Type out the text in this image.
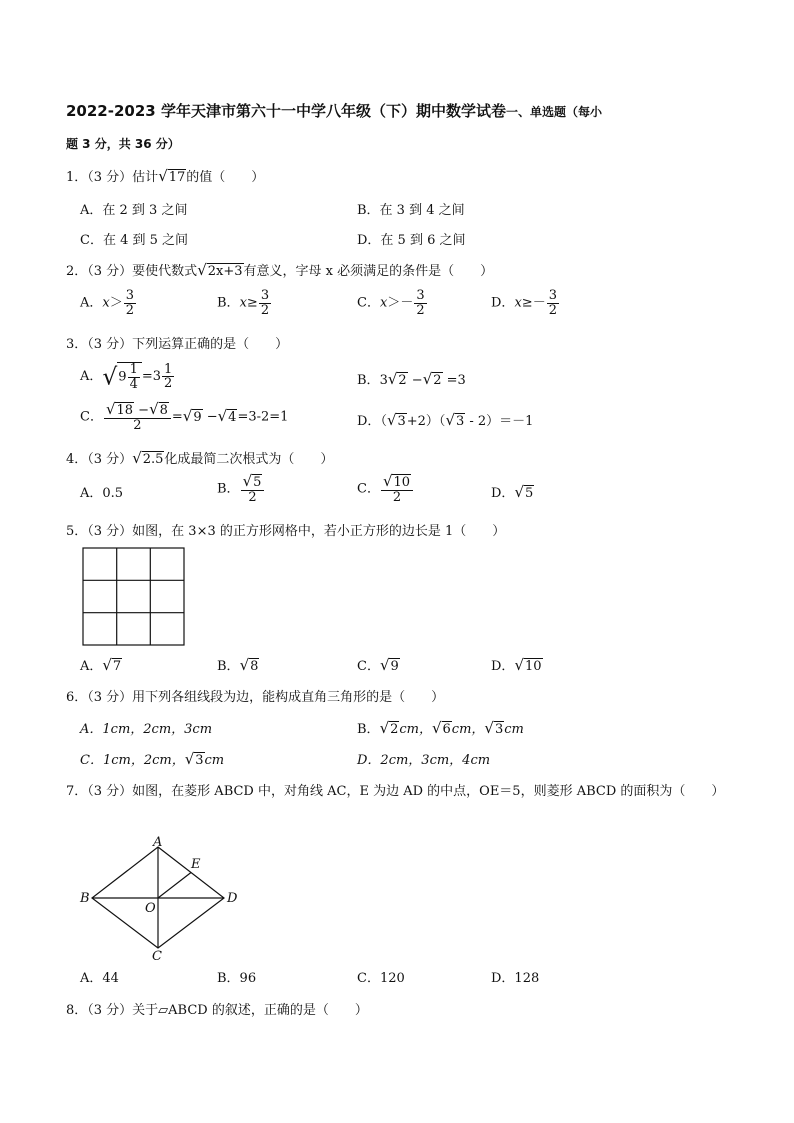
2022-2023 学年天津市第六十一中学八年级（下）期中数学试卷一、单选题（每小
题 3 分，共 36 分）
1．（3 分）估计√17的值（　　）
A．在 2 到 3 之间	B．在 3 到 4 之间
C．在 4 到 5 之间	D．在 5 到 6 之间
2．（3 分）要使代数式√2x+3有意义，字母 x 必须满足的条件是（　　）
A．$x> \frac{3}{2}$	B．$x\ge \frac{3}{2}$	C．$x>- \frac{3}{2}$	D．$x\ge- \frac{3}{2}$
3．（3 分）下列运算正确的是（　　）
A．$√9 \frac{1}{4} =3 \frac{1}{2}$	B．3√2 −√2 =3
C． $\frac{√18 -√8}{2} =√9 -√4=3-2=1$	D．（√3+2）（√3 - 2）＝－1
4．（3 分）√2.5化成最简二次根式为（　　）
A．0.5	B． $\frac{√5}{2}$	C． $\frac{√10}{2}$	D．√5
5．（3 分）如图，在 3×3 的正方形网格中，若小正方形的边长是 1（　　）
A．√7	B．√8	C．√9	D．√10
6．（3 分）用下列各组线段为边，能构成直角三角形的是（　　）
A．1cm，2cm，3cm	B．√2cm，√6cm，√3cm
C．1cm，2cm，√3cm	D．2cm，3cm，4cm
7．（3 分）如图，在菱形 ABCD 中，对角线 AC，E 为边 AD 的中点，OE＝5，则菱形 ABCD 的面积为（　　）
A
B
C
D
E
O
A．44	B．96	C．120	D．128
8．（3 分）关于▱ABCD 的叙述，正确的是（　　）
